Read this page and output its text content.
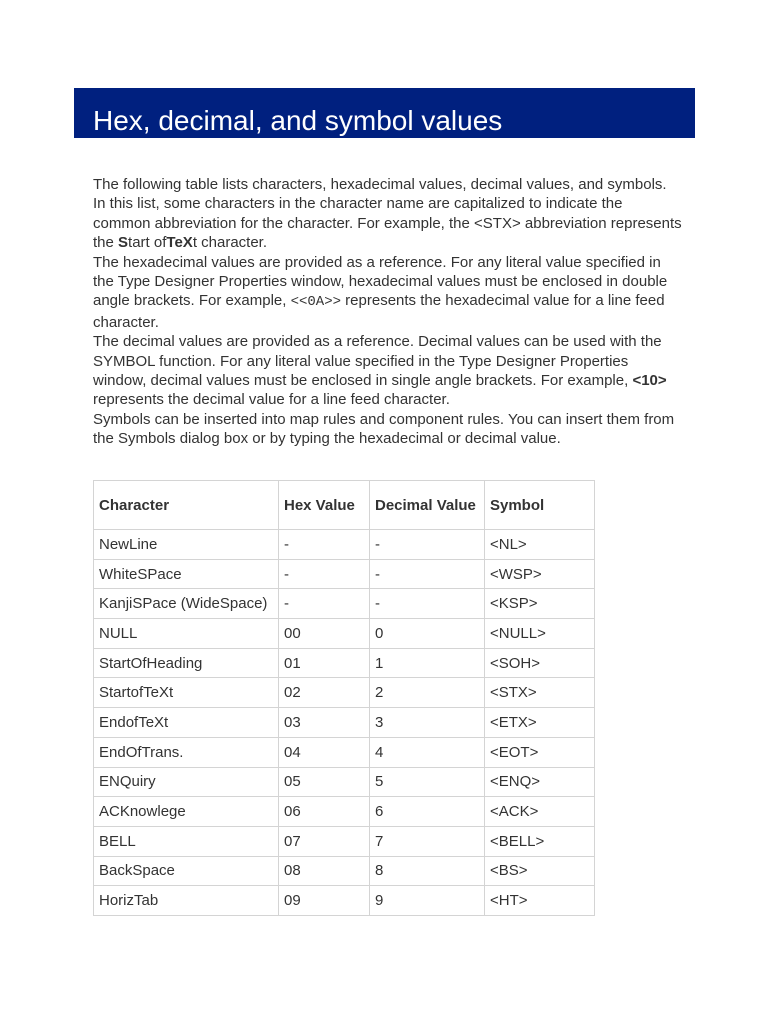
Hex, decimal, and symbol values

The following table lists characters, hexadecimal values, decimal values, and symbols.

In this list, some characters in the character name are capitalized to indicate the common abbreviation for the character. For example, the <STX> abbreviation represents the Start ofTeXt character.

The hexadecimal values are provided as a reference. For any literal value specified in the Type Designer Properties window, hexadecimal values must be enclosed in double angle brackets. For example, <<0A>> represents the hexadecimal value for a line feed character.

The decimal values are provided as a reference. Decimal values can be used with the SYMBOL function. For any literal value specified in the Type Designer Properties window, decimal values must be enclosed in single angle brackets. For example, <10> represents the decimal value for a line feed character.

Symbols can be inserted into map rules and component rules. You can insert them from the Symbols dialog box or by typing the hexadecimal or decimal value.

Character	Hex Value	Decimal Value	Symbol
NewLine	-	-	<NL>
WhiteSPace	-	-	<WSP>
KanjiSPace (WideSpace)	-	-	<KSP>
NULL	00	0	<NULL>
StartOfHeading	01	1	<SOH>
StartofTeXt	02	2	<STX>
EndofTeXt	03	3	<ETX>
EndOfTrans.	04	4	<EOT>
ENQuiry	05	5	<ENQ>
ACKnowlege	06	6	<ACK>
BELL	07	7	<BELL>
BackSpace	08	8	<BS>
HorizTab	09	9	<HT>
